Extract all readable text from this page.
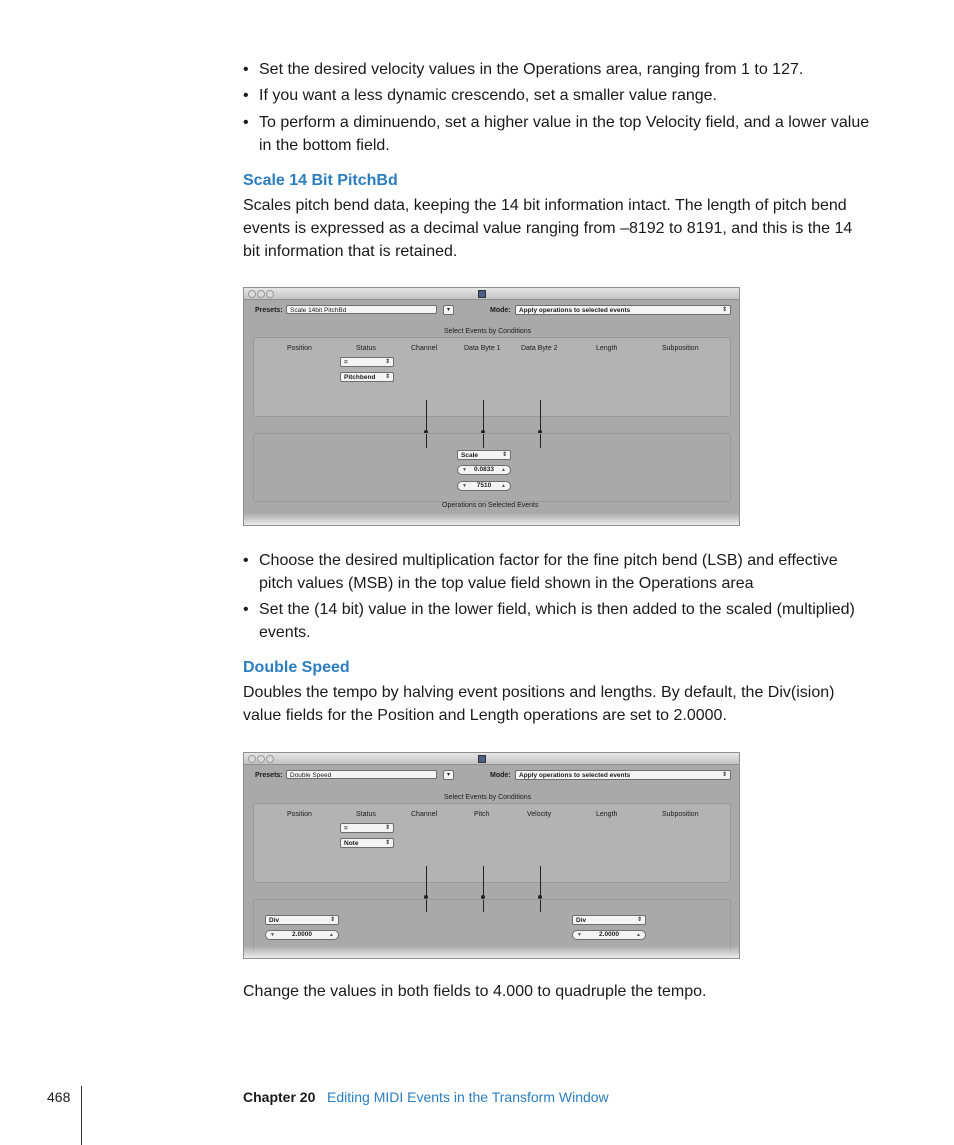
• Set the desired velocity values in the Operations area, ranging from 1 to 127.
• If you want a less dynamic crescendo, set a smaller value range.
• To perform a diminuendo, set a higher value in the top Velocity field, and a lower value in the bottom field.
Scale 14 Bit PitchBd
Scales pitch bend data, keeping the 14 bit information intact. The length of pitch bend events is expressed as a decimal value ranging from –8192 to 8191, and this is the 14 bit information that is retained.
Presets:	Scale 14bit PitchBd	▾	Mode:	Apply operations to selected events	⇕
Select Events by Conditions
Position	Status	Channel	Data Byte 1	Data Byte 2	Length	Subposition
=	⇕
Pitchbend ⇕
Scale	⇕
▼ 0.0833 ▲
▼ 7510 ▲
Operations on Selected Events
• Choose the desired multiplication factor for the fine pitch bend (LSB) and effective pitch values (MSB) in the top value field shown in the Operations area
• Set the (14 bit) value in the lower field, which is then added to the scaled (multiplied) events.
Double Speed
Doubles the tempo by halving event positions and lengths. By default, the Div(ision) value fields for the Position and Length operations are set to 2.0000.
Presets:	Double Speed	▾	Mode:	Apply operations to selected events	⇕
Select Events by Conditions
Position	Status	Channel	Pitch	Velocity	Length	Subposition
=	⇕
Note	⇕
Div	⇕
▼	2.0000	▲
Div	⇕
▼	2.0000	▲
Change the values in both fields to 4.000 to quadruple the tempo.
468	Chapter 20 Editing MIDI Events in the Transform Window
